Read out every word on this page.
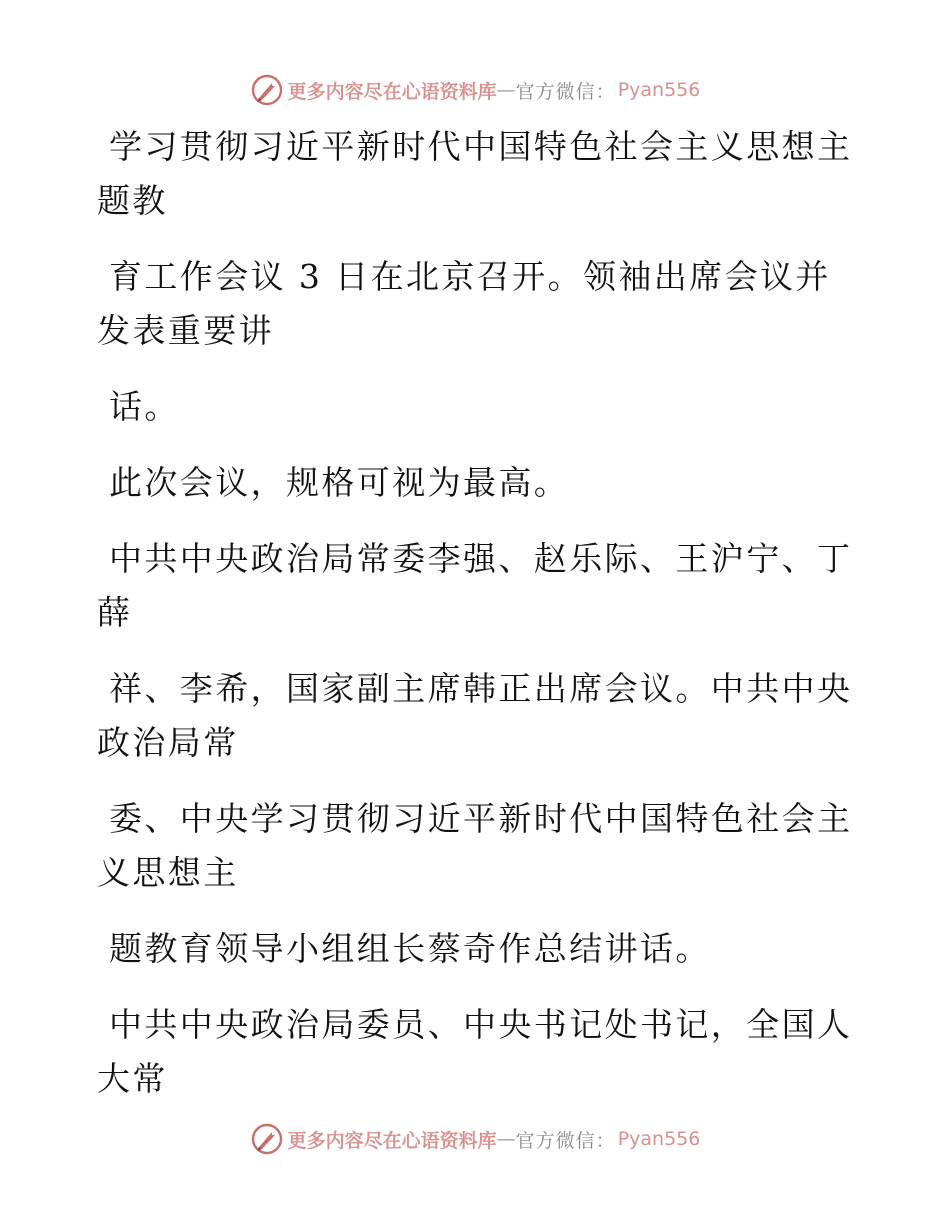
更多内容尽在心语资料库 — 官方微信： Pyan556

学习贯彻习近平新时代中国特色社会主义思想主题教

育工作会议 3 日在北京召开。领袖出席会议并发表重要讲

话。

此次会议，规格可视为最高。

中共中央政治局常委李强、赵乐际、王沪宁、丁薛

祥、李希，国家副主席韩正出席会议。中共中央政治局常

委、中央学习贯彻习近平新时代中国特色社会主义思想主

题教育领导小组组长蔡奇作总结讲话。

中共中央政治局委员、中央书记处书记，全国人大常

更多内容尽在心语资料库 — 官方微信： Pyan556
